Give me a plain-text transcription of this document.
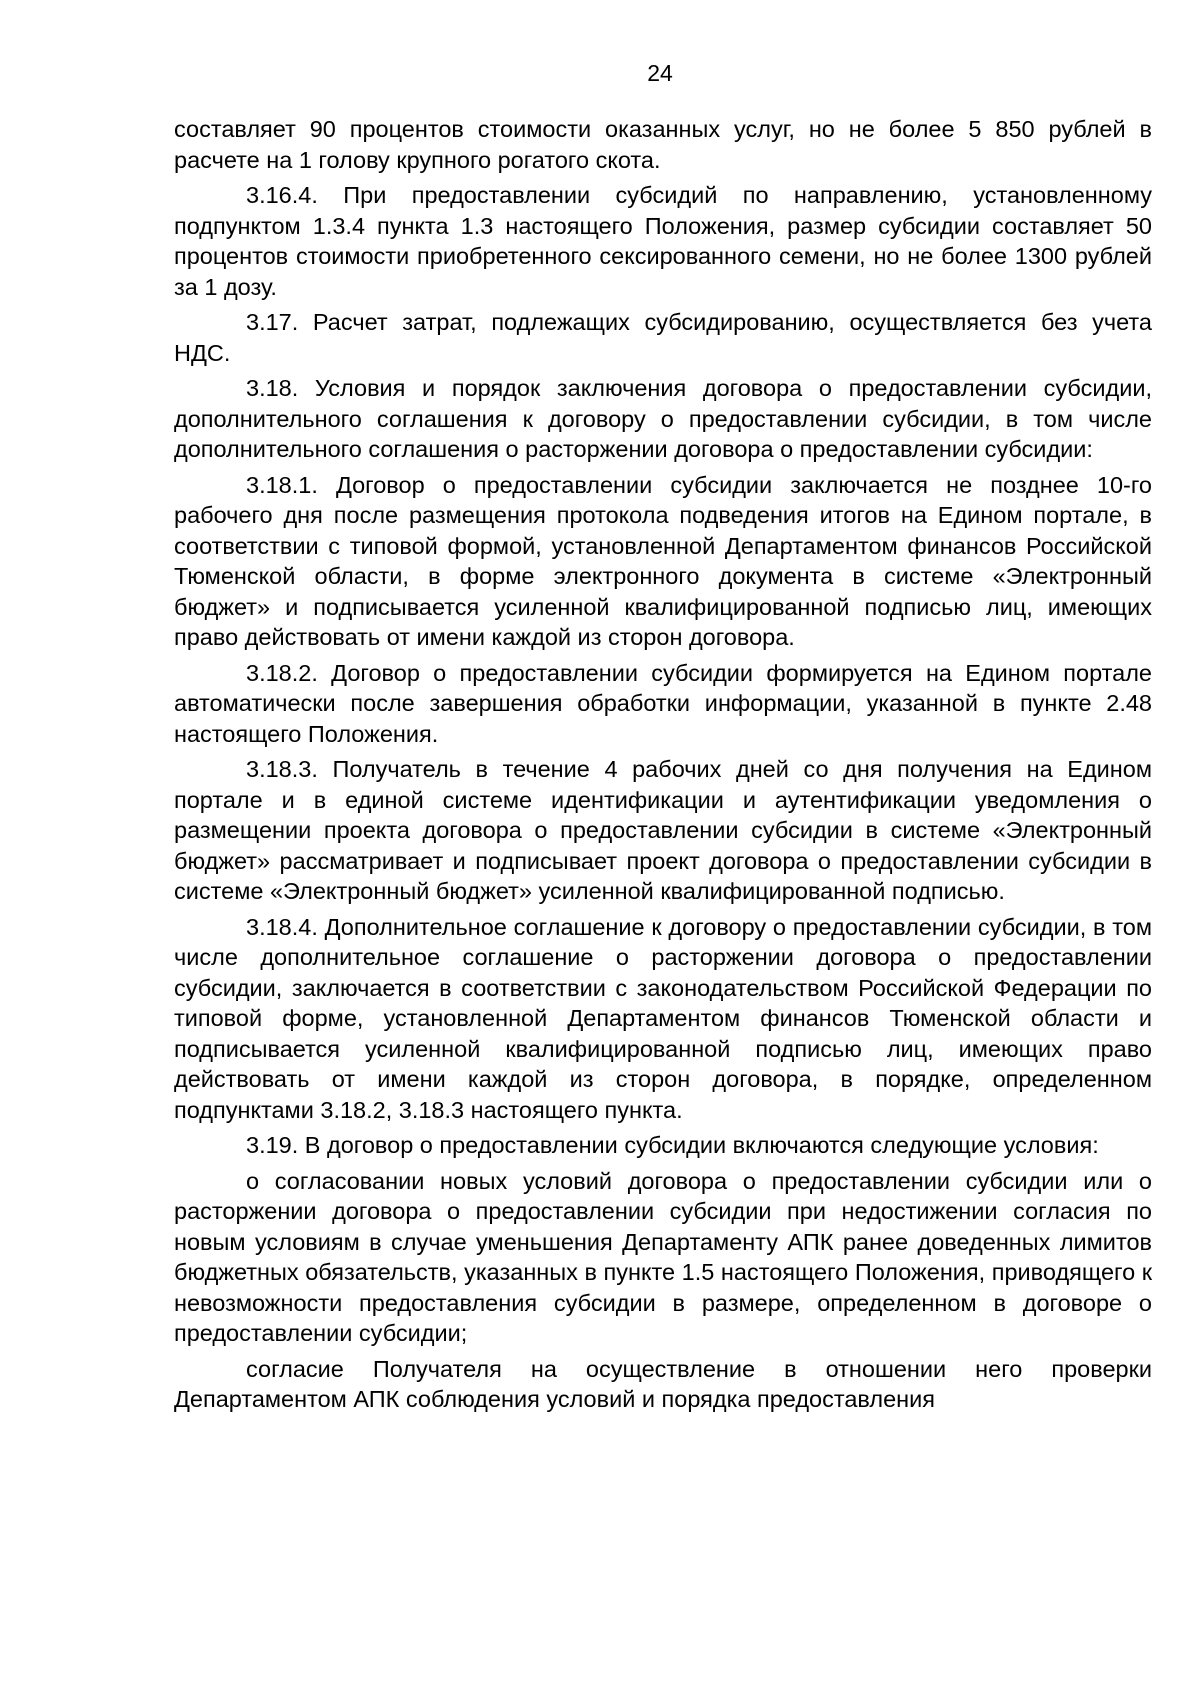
24

составляет 90 процентов стоимости оказанных услуг, но не более 5 850 рублей в расчете на 1 голову крупного рогатого скота.

3.16.4. При предоставлении субсидий по направлению, установленному подпунктом 1.3.4 пункта 1.3 настоящего Положения, размер субсидии составляет 50 процентов стоимости приобретенного сексированного семени, но не более 1300 рублей за 1 дозу.

3.17. Расчет затрат, подлежащих субсидированию, осуществляется без учета НДС.

3.18. Условия и порядок заключения договора о предоставлении субсидии, дополнительного соглашения к договору о предоставлении субсидии, в том числе дополнительного соглашения о расторжении договора о предоставлении субсидии:

3.18.1. Договор о предоставлении субсидии заключается не позднее 10-го рабочего дня после размещения протокола подведения итогов на Едином портале, в соответствии с типовой формой, установленной Департаментом финансов Российской Тюменской области, в форме электронного документа в системе «Электронный бюджет» и подписывается усиленной квалифицированной подписью лиц, имеющих право действовать от имени каждой из сторон договора.

3.18.2. Договор о предоставлении субсидии формируется на Едином портале автоматически после завершения обработки информации, указанной в пункте 2.48 настоящего Положения.

3.18.3. Получатель в течение 4 рабочих дней со дня получения на Едином портале и в единой системе идентификации и аутентификации уведомления о размещении проекта договора о предоставлении субсидии в системе «Электронный бюджет» рассматривает и подписывает проект договора о предоставлении субсидии в системе «Электронный бюджет» усиленной квалифицированной подписью.

3.18.4. Дополнительное соглашение к договору о предоставлении субсидии, в том числе дополнительное соглашение о расторжении договора о предоставлении субсидии, заключается в соответствии с законодательством Российской Федерации по типовой форме, установленной Департаментом финансов Тюменской области и подписывается усиленной квалифицированной подписью лиц, имеющих право действовать от имени каждой из сторон договора, в порядке, определенном подпунктами 3.18.2, 3.18.3 настоящего пункта.

3.19. В договор о предоставлении субсидии включаются следующие условия:

о согласовании новых условий договора о предоставлении субсидии или о расторжении договора о предоставлении субсидии при недостижении согласия по новым условиям в случае уменьшения Департаменту АПК ранее доведенных лимитов бюджетных обязательств, указанных в пункте 1.5 настоящего Положения, приводящего к невозможности предоставления субсидии в размере, определенном в договоре о предоставлении субсидии;

согласие Получателя на осуществление в отношении него проверки Департаментом АПК соблюдения условий и порядка предоставления
